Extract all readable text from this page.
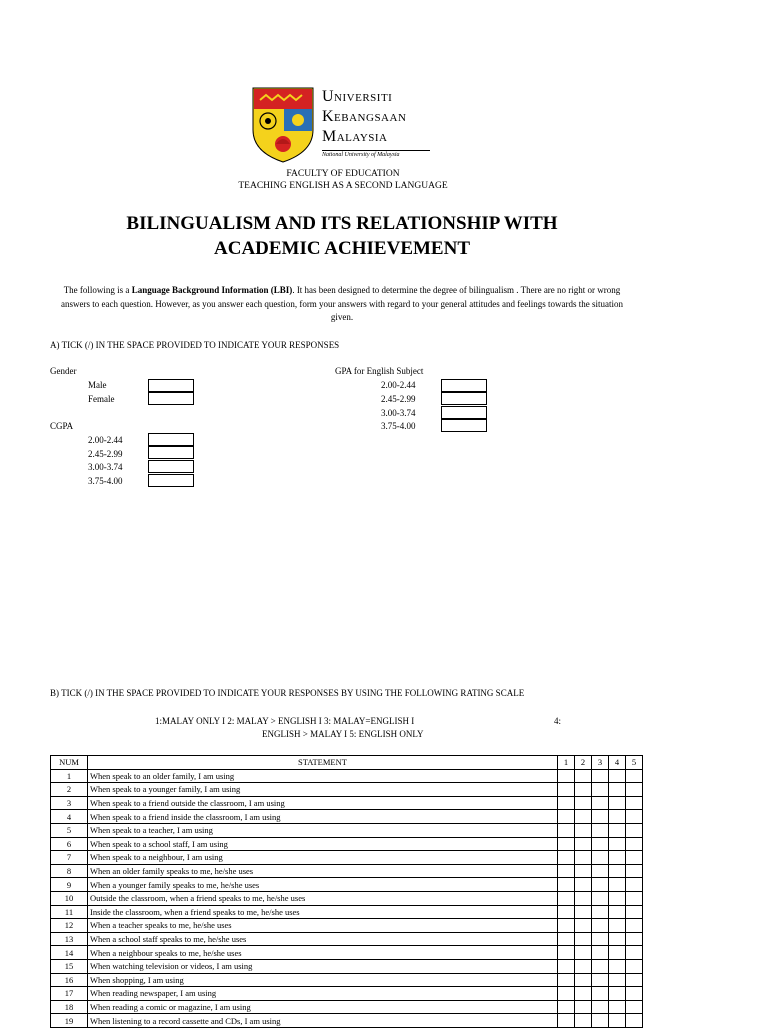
Universiti
Kebangsaan
Malaysia
National University of Malaysia
FACULTY OF EDUCATION
TEACHING ENGLISH AS A SECOND LANGUAGE
BILINGUALISM AND ITS RELATIONSHIP WITH
ACADEMIC ACHIEVEMENT
The following is a Language Background Information (LBI). It has been designed to determine the degree of bilingualism . There are no right or wrong answers to each question. However, as you answer each question, form your answers with regard to your general attitudes and feelings towards the situation given.
A) TICK (/) IN THE SPACE PROVIDED TO INDICATE YOUR RESPONSES
Gender
Male
Female
CGPA
2.00-2.44
2.45-2.99
3.00-3.74
3.75-4.00
GPA for English Subject
2.00-2.44
2.45-2.99
3.00-3.74
3.75-4.00
B) TICK (/) IN THE SPACE PROVIDED TO INDICATE YOUR RESPONSES BY USING THE FOLLOWING RATING SCALE
1:MALAY ONLY I 2: MALAY > ENGLISH I 3: MALAY=ENGLISH I	4:
ENGLISH > MALAY I 5: ENGLISH ONLY
NUM	STATEMENT	1	2	3	4	5
1	When speak to an older family, I am using					
2	When speak to a younger family, I am using					
3	When speak to a friend outside the classroom, I am using					
4	When speak to a friend inside the classroom, I am using					
5	When speak to a teacher, I am using					
6	When speak to a school staff, I am using					
7	When speak to a neighbour, I am using					
8	When an older family speaks to me, he/she uses					
9	When a younger family speaks to me, he/she uses					
10	Outside the classroom, when a friend speaks to me, he/she uses					
11	Inside the classroom, when a friend speaks to me, he/she uses					
12	When a teacher speaks to me, he/she uses					
13	When a school staff speaks to me, he/she uses					
14	When a neighbour speaks to me, he/she uses					
15	When watching television or videos, I am using					
16	When shopping, I am using					
17	When reading newspaper, I am using					
18	When reading a comic or magazine, I am using					
19	When listening to a record cassette and CDs, I am using					
